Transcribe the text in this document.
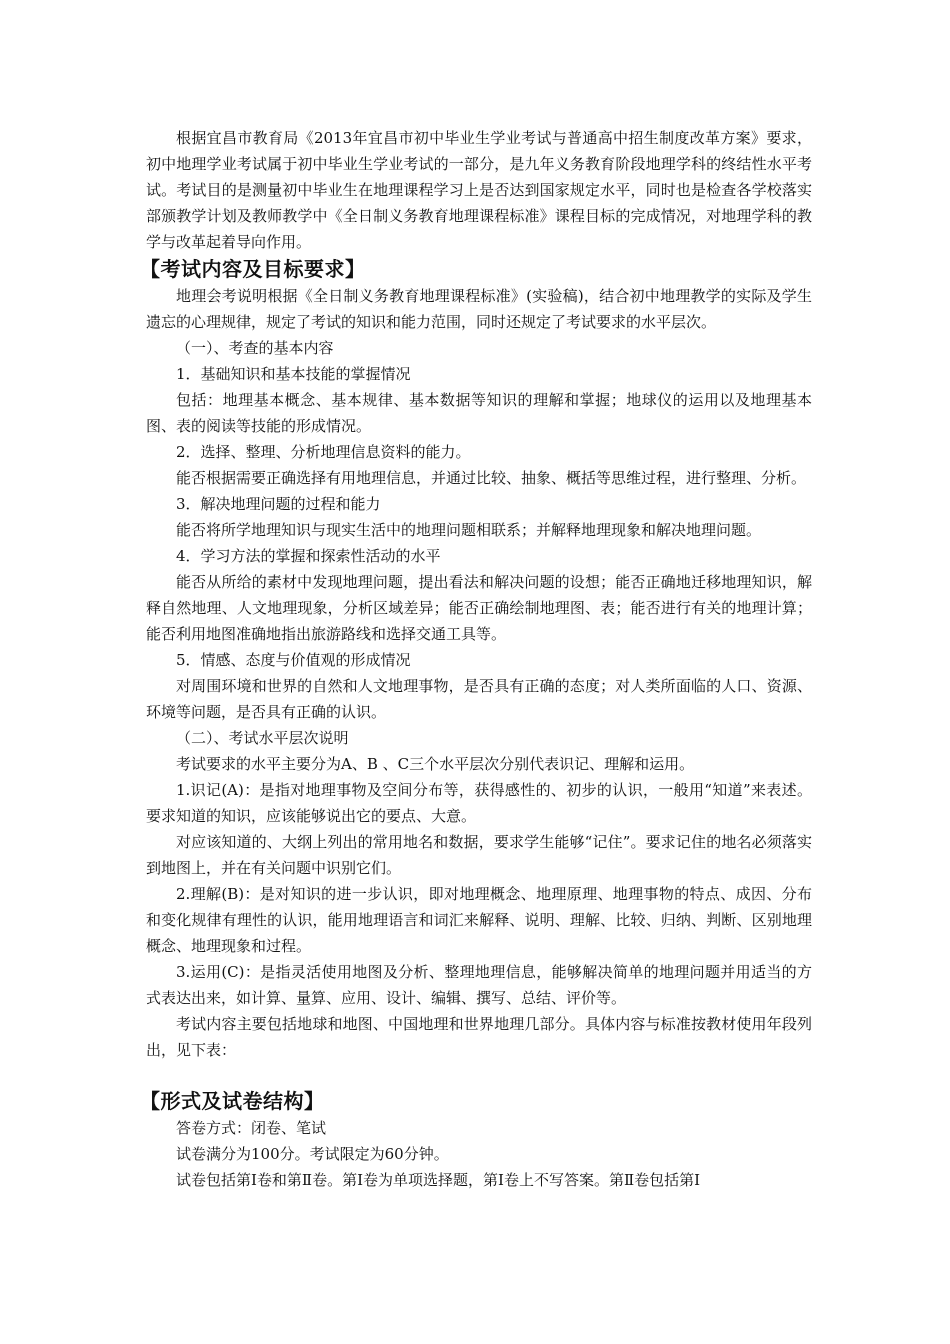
根据宜昌市教育局《2013年宜昌市初中毕业生学业考试与普通高中招生制度改革方案》要求，初中地理学业考试属于初中毕业生学业考试的一部分，是九年义务教育阶段地理学科的终结性水平考试。考试目的是测量初中毕业生在地理课程学习上是否达到国家规定水平，同时也是检查各学校落实部颁教学计划及教师教学中《全日制义务教育地理课程标准》课程目标的完成情况，对地理学科的教学与改革起着导向作用。

【考试内容及目标要求】

地理会考说明根据《全日制义务教育地理课程标准》(实验稿)，结合初中地理教学的实际及学生遗忘的心理规律，规定了考试的知识和能力范围，同时还规定了考试要求的水平层次。

（一）、考查的基本内容

1．基础知识和基本技能的掌握情况

包括：地理基本概念、基本规律、基本数据等知识的理解和掌握；地球仪的运用以及地理基本图、表的阅读等技能的形成情况。

2．选择、整理、分析地理信息资料的能力。

能否根据需要正确选择有用地理信息，并通过比较、抽象、概括等思维过程，进行整理、分析。

3．解决地理问题的过程和能力

能否将所学地理知识与现实生活中的地理问题相联系；并解释地理现象和解决地理问题。

4．学习方法的掌握和探索性活动的水平

能否从所给的素材中发现地理问题，提出看法和解决问题的设想；能否正确地迁移地理知识，解释自然地理、人文地理现象，分析区域差异；能否正确绘制地理图、表；能否进行有关的地理计算；能否利用地图准确地指出旅游路线和选择交通工具等。

5．情感、态度与价值观的形成情况

对周围环境和世界的自然和人文地理事物，是否具有正确的态度；对人类所面临的人口、资源、环境等问题，是否具有正确的认识。

（二）、考试水平层次说明

考试要求的水平主要分为A、B 、C三个水平层次分别代表识记、理解和运用。

1.识记(A)：是指对地理事物及空间分布等，获得感性的、初步的认识，一般用“知道”来表述。要求知道的知识，应该能够说出它的要点、大意。

对应该知道的、大纲上列出的常用地名和数据，要求学生能够“记住”。要求记住的地名必须落实到地图上，并在有关问题中识别它们。

2.理解(B)：是对知识的进一步认识，即对地理概念、地理原理、地理事物的特点、成因、分布和变化规律有理性的认识，能用地理语言和词汇来解释、说明、理解、比较、归纳、判断、区别地理概念、地理现象和过程。

3.运用(C)：是指灵活使用地图及分析、整理地理信息，能够解决简单的地理问题并用适当的方式表达出来，如计算、量算、应用、设计、编辑、撰写、总结、评价等。

考试内容主要包括地球和地图、中国地理和世界地理几部分。具体内容与标准按教材使用年段列出，见下表：

【形式及试卷结构】

答卷方式：闭卷、笔试

试卷满分为100分。考试限定为60分钟。

试卷包括第Ⅰ卷和第Ⅱ卷。第Ⅰ卷为单项选择题，第Ⅰ卷上不写答案。第Ⅱ卷包括第Ⅰ
